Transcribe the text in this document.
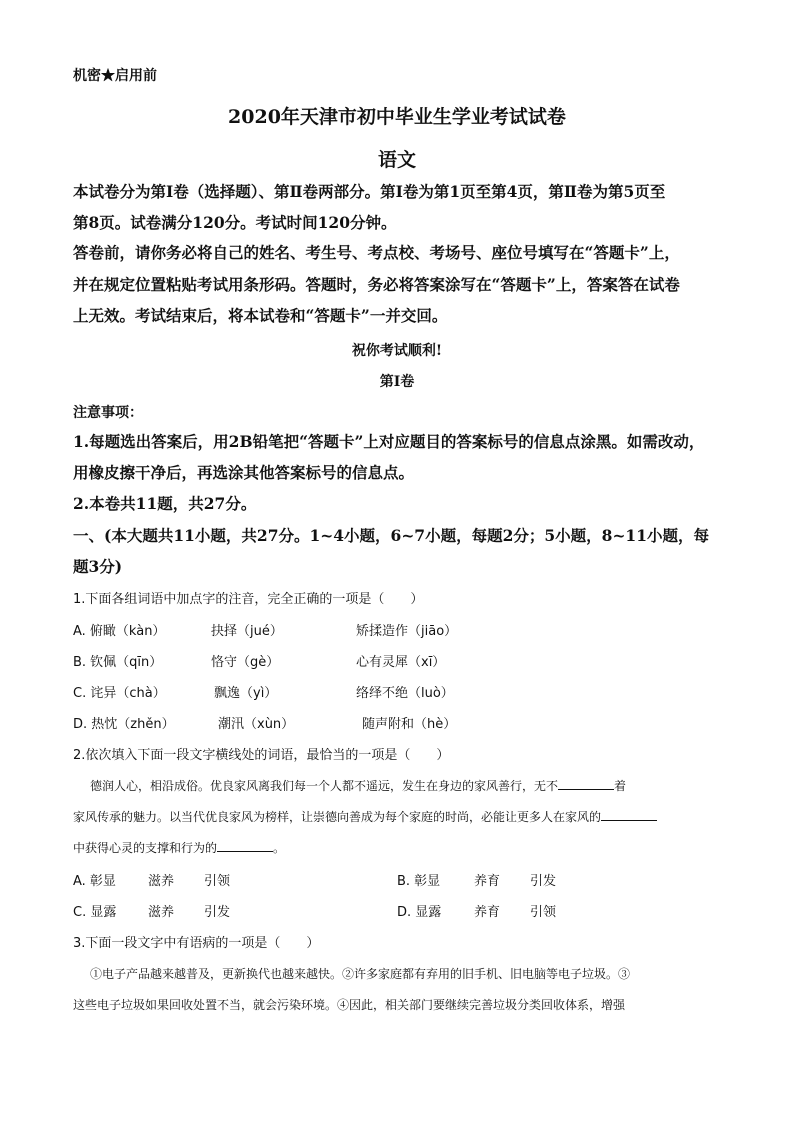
机密★启用前
2020年天津市初中毕业生学业考试试卷
语文
本试卷分为第Ⅰ卷（选择题）、第Ⅱ卷两部分。第Ⅰ卷为第1页至第4页，第Ⅱ卷为第5页至
第8页。试卷满分120分。考试时间120分钟。
答卷前，请你务必将自己的姓名、考生号、考点校、考场号、座位号填写在“答题卡”上，
并在规定位置粘贴考试用条形码。答题时，务必将答案涂写在“答题卡”上，答案答在试卷
上无效。考试结束后，将本试卷和“答题卡”一并交回。
祝你考试顺利!
第Ⅰ卷
注意事项：
1.每题选出答案后，用2B铅笔把“答题卡”上对应题目的答案标号的信息点涂黑。如需改动，
用橡皮擦干净后，再选涂其他答案标号的信息点。
2.本卷共11题，共27分。
一、(本大题共11小题，共27分。1~4小题，6~7小题，每题2分；5小题，8~11小题，每
题3分)
1.下面各组词语中加点字的注音，完全正确的一项是（　　）
A. 俯瞰（kàn）	抉择（jué）	矫揉造作（jiāo）
B. 钦佩（qīn）	恪守（gè）	心有灵犀（xī）
C. 诧异（chà）	飘逸（yì）	络绎不绝（luò）
D. 热忱（zhěn）	潮汛（xùn）	随声附和（hè）
2.依次填入下面一段文字横线处的词语，最恰当的一项是（　　）
德润人心，相沿成俗。优良家风离我们每一个人都不遥远，发生在身边的家风善行，无不	着
家风传承的魅力。以当代优良家风为榜样，让崇德向善成为每个家庭的时尚，必能让更多人在家风的
中获得心灵的支撑和行为的	。
A. 彰显 滋养 引领	B. 彰显	养育 引发
C. 显露 滋养 引发	D. 显露	养育 引领
3.下面一段文字中有语病的一项是（　　）
①电子产品越来越普及，更新换代也越来越快。②许多家庭都有弃用的旧手机、旧电脑等电子垃圾。③
这些电子垃圾如果回收处置不当，就会污染环境。④因此，相关部门要继续完善垃圾分类回收体系，增强
